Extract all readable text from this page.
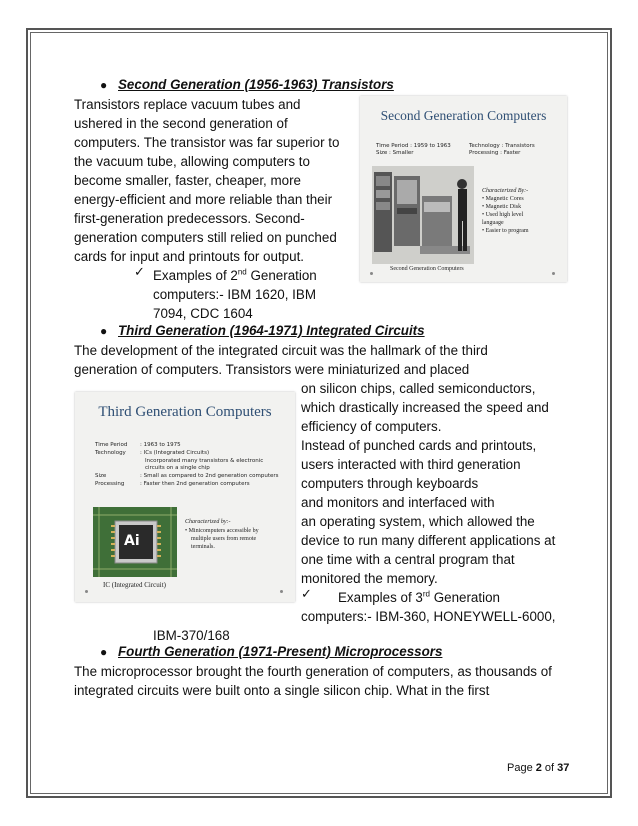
● Second Generation (1956-1963) Transistors
Transistors replace vacuum tubes and
ushered in the second generation of
computers. The transistor was far superior to
the vacuum tube, allowing computers to
become smaller, faster, cheaper, more
energy-efficient and more reliable than their
first-generation predecessors. Second-
generation computers still relied on punched
cards for input and printouts for output.
✓ Examples of 2nd Generation
computers:- IBM 1620, IBM
7094, CDC 1604
Second Generation Computers
Time Period : 1959 to 1963
Size : Smaller
Technology : Transistors
Processing : Faster
Characterized By:-
• Magnetic Cores
• Magnetic Disk
• Used high level
language
• Easier to program
Second Generation Computers
● Third Generation (1964-1971) Integrated Circuits
The development of the integrated circuit was the hallmark of the third
generation of computers. Transistors were miniaturized and placed
on silicon chips, called semiconductors,
which drastically increased the speed and
efficiency of computers.
Instead of punched cards and printouts,
users interacted with third generation
computers through keyboards
and monitors and interfaced with
an operating system, which allowed the
device to run many different applications at
one time with a central program that
monitored the memory.
✓ Examples of 3rd Generation
computers:- IBM-360, HONEYWELL-6000,
IBM-370/168
Third Generation Computers
Time Period : 1963 to 1975
Technology	: ICs (Integrated Circuits)
Incorporated many transistors & electronic
circuits on a single chip
Size	: Small as compared to 2nd generation computers
Processing	: Faster then 2nd generation computers
Ai
Characterized by:-
• Minicomputers accessible by
multiple users from remote
terminals.
IC (Integrated Circuit)
● Fourth Generation (1971-Present) Microprocessors
The microprocessor brought the fourth generation of computers, as thousands of
integrated circuits were built onto a single silicon chip. What in the first
Page 2 of 37
